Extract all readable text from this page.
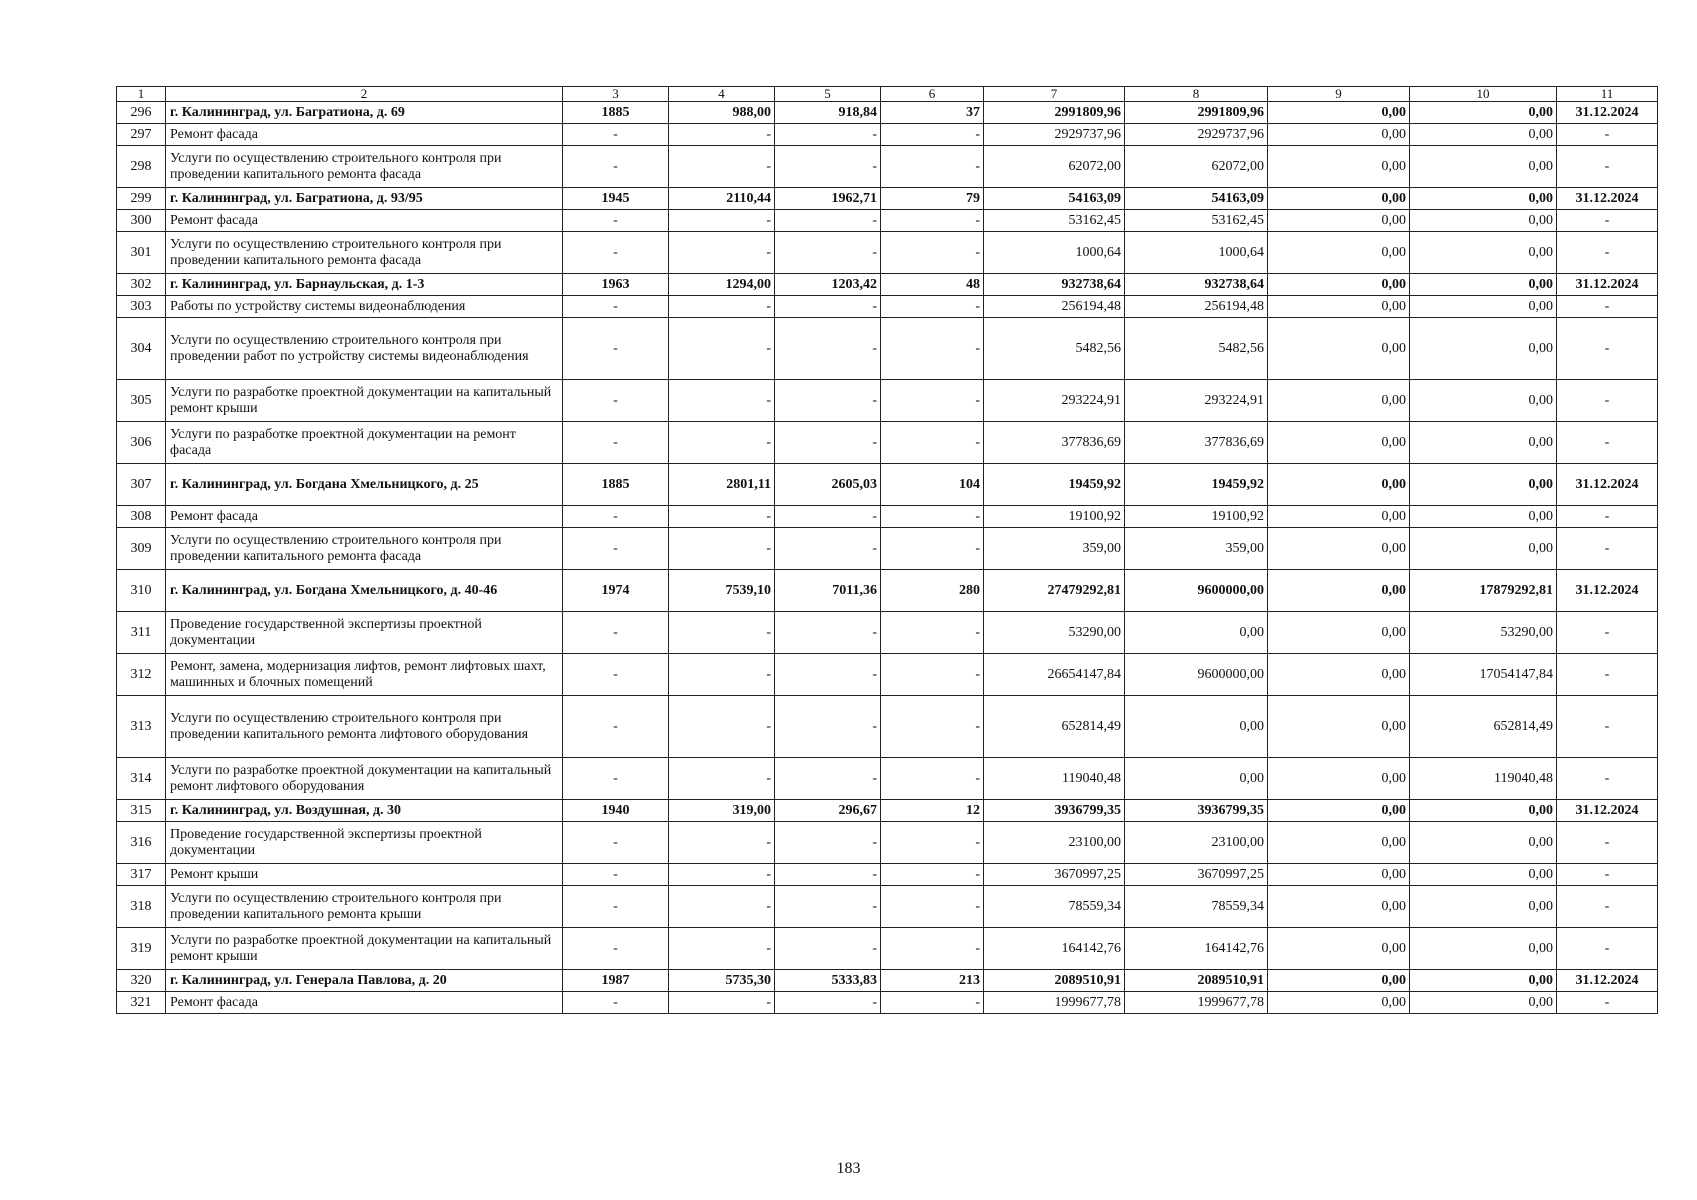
1	2	3	4	5	6	7	8	9	10	11
296	г. Калининград, ул. Багратиона, д. 69	1885	988,00	918,84	37	2991809,96	2991809,96	0,00	0,00	31.12.2024
297	Ремонт фасада	-	-	-	-	2929737,96	2929737,96	0,00	0,00	-
298	Услуги по осуществлению строительного контроля при проведении капитального ремонта фасада	-	-	-	-	62072,00	62072,00	0,00	0,00	-
299	г. Калининград, ул. Багратиона, д. 93/95	1945	2110,44	1962,71	79	54163,09	54163,09	0,00	0,00	31.12.2024
300	Ремонт фасада	-	-	-	-	53162,45	53162,45	0,00	0,00	-
301	Услуги по осуществлению строительного контроля при проведении капитального ремонта фасада	-	-	-	-	1000,64	1000,64	0,00	0,00	-
302	г. Калининград, ул. Барнаульская, д. 1-3	1963	1294,00	1203,42	48	932738,64	932738,64	0,00	0,00	31.12.2024
303	Работы по устройству системы видеонаблюдения	-	-	-	-	256194,48	256194,48	0,00	0,00	-
304	Услуги по осуществлению строительного контроля при проведении работ по устройству системы видеонаблюдения	-	-	-	-	5482,56	5482,56	0,00	0,00	-
305	Услуги по разработке проектной документации на капитальный ремонт крыши	-	-	-	-	293224,91	293224,91	0,00	0,00	-
306	Услуги по разработке проектной документации на ремонт фасада	-	-	-	-	377836,69	377836,69	0,00	0,00	-
307	г. Калининград, ул. Богдана Хмельницкого, д. 25	1885	2801,11	2605,03	104	19459,92	19459,92	0,00	0,00	31.12.2024
308	Ремонт фасада	-	-	-	-	19100,92	19100,92	0,00	0,00	-
309	Услуги по осуществлению строительного контроля при проведении капитального ремонта фасада	-	-	-	-	359,00	359,00	0,00	0,00	-
310	г. Калининград, ул. Богдана Хмельницкого, д. 40-46	1974	7539,10	7011,36	280	27479292,81	9600000,00	0,00	17879292,81	31.12.2024
311	Проведение государственной экспертизы проектной документации	-	-	-	-	53290,00	0,00	0,00	53290,00	-
312	Ремонт, замена, модернизация лифтов, ремонт лифтовых шахт, машинных и блочных помещений	-	-	-	-	26654147,84	9600000,00	0,00	17054147,84	-
313	Услуги по осуществлению строительного контроля при проведении капитального ремонта лифтового оборудования	-	-	-	-	652814,49	0,00	0,00	652814,49	-
314	Услуги по разработке проектной документации на капитальный ремонт лифтового оборудования	-	-	-	-	119040,48	0,00	0,00	119040,48	-
315	г. Калининград, ул. Воздушная, д. 30	1940	319,00	296,67	12	3936799,35	3936799,35	0,00	0,00	31.12.2024
316	Проведение государственной экспертизы проектной документации	-	-	-	-	23100,00	23100,00	0,00	0,00	-
317	Ремонт крыши	-	-	-	-	3670997,25	3670997,25	0,00	0,00	-
318	Услуги по осуществлению строительного контроля при проведении капитального ремонта крыши	-	-	-	-	78559,34	78559,34	0,00	0,00	-
319	Услуги по разработке проектной документации на капитальный ремонт крыши	-	-	-	-	164142,76	164142,76	0,00	0,00	-
320	г. Калининград, ул. Генерала Павлова, д. 20	1987	5735,30	5333,83	213	2089510,91	2089510,91	0,00	0,00	31.12.2024
321	Ремонт фасада	-	-	-	-	1999677,78	1999677,78	0,00	0,00	-
183
